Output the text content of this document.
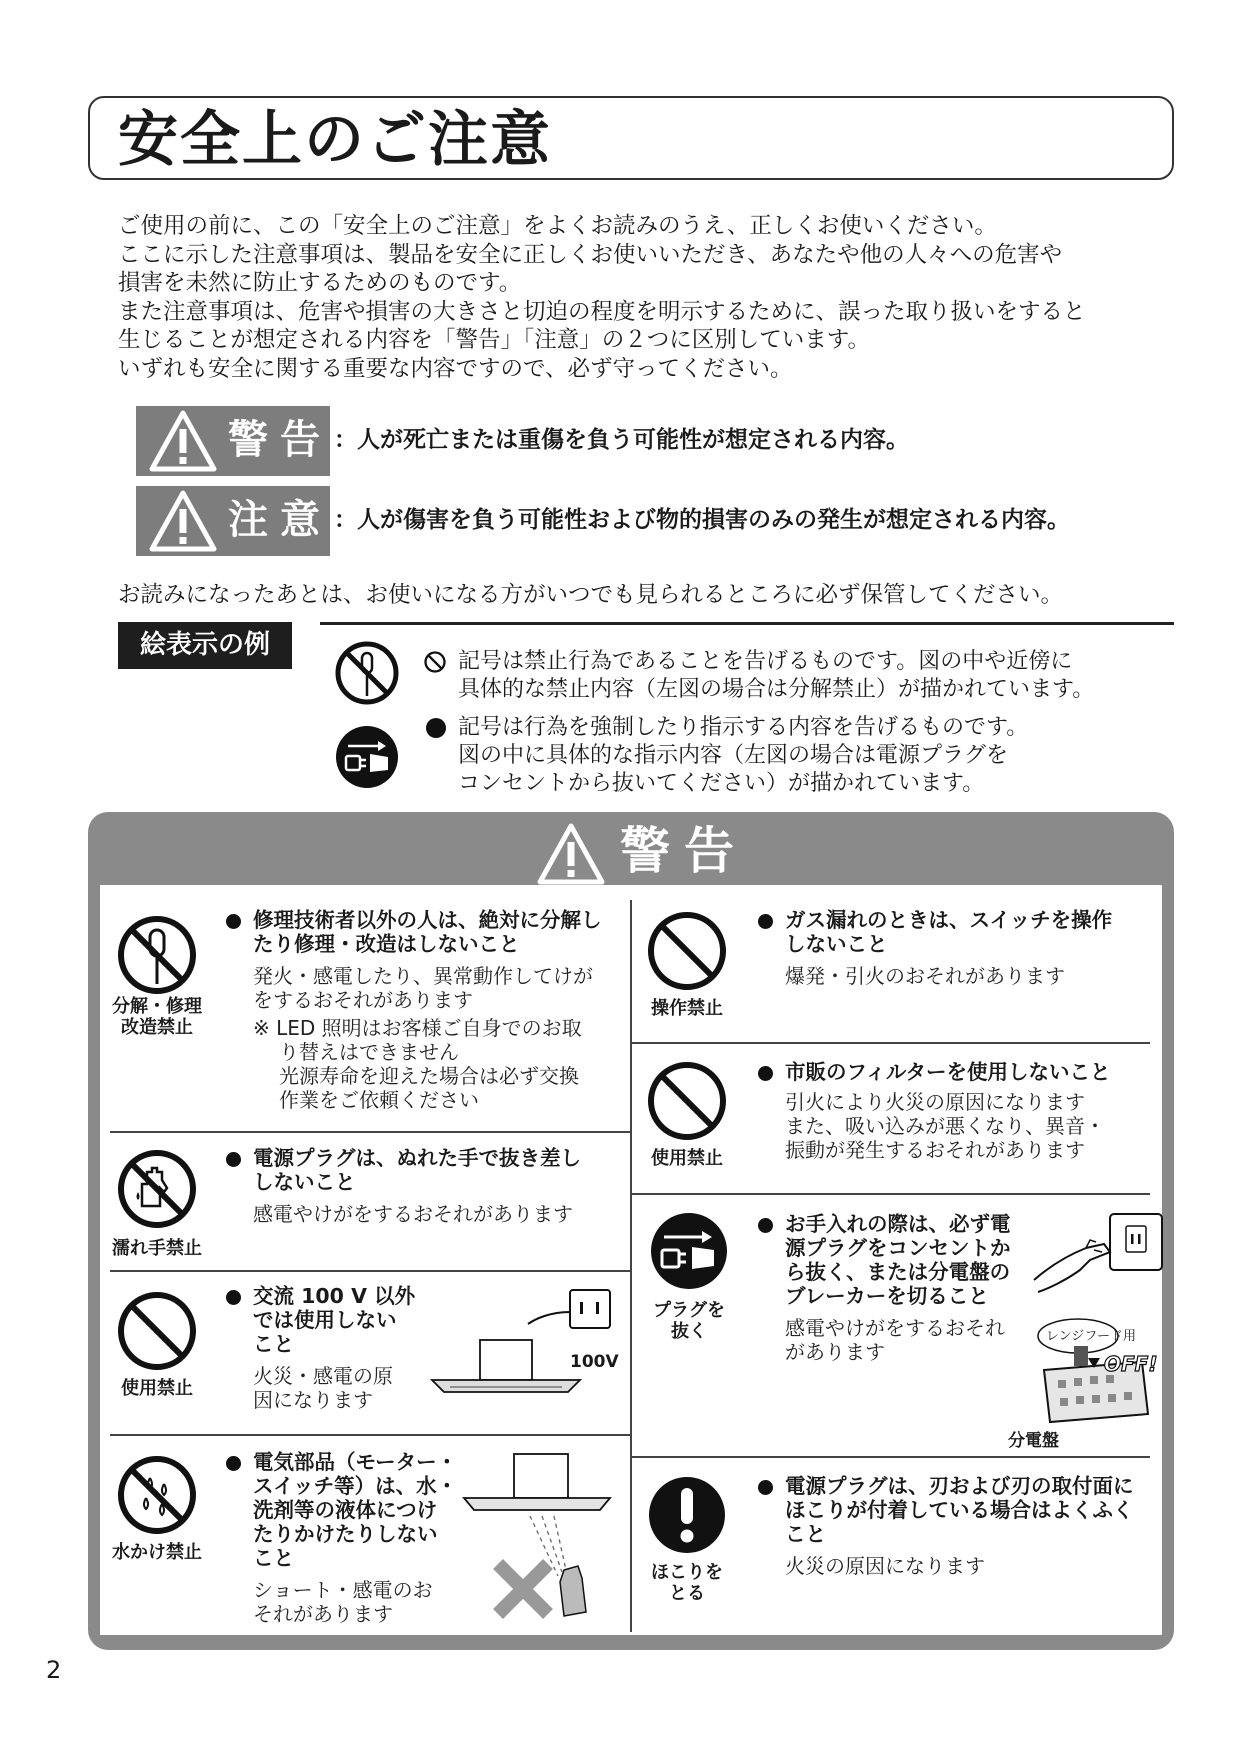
安全上のご注意
ご使用の前に、この「安全上のご注意」をよくお読みのうえ、正しくお使いください。
ここに示した注意事項は、製品を安全に正しくお使いいただき、あなたや他の人々への危害や
損害を未然に防止するためのものです。
また注意事項は、危害や損害の大きさと切迫の程度を明示するために、誤った取り扱いをすると
生じることが想定される内容を「警告」「注意」の２つに区別しています。
いずれも安全に関する重要な内容ですので、必ず守ってください。
警告 ：人が死亡または重傷を負う可能性が想定される内容。
注意 ：人が傷害を負う可能性および物的損害のみの発生が想定される内容。
お読みになったあとは、お使いになる方がいつでも見られるところに必ず保管してください。
絵表示の例
記号は禁止行為であることを告げるものです。図の中や近傍に
具体的な禁止内容（左図の場合は分解禁止）が描かれています。
記号は行為を強制したり指示する内容を告げるものです。
図の中に具体的な指示内容（左図の場合は電源プラグを
コンセントから抜いてください）が描かれています。
警告
分解・修理
改造禁止
修理技術者以外の人は、絶対に分解し
たり修理・改造はしないこと
発火・感電したり、異常動作してけが
をするおそれがあります
※ LED 照明はお客様ご自身でのお取
り替えはできません
光源寿命を迎えた場合は必ず交換
作業をご依頼ください
濡れ手禁止
電源プラグは、ぬれた手で抜き差し
しないこと
感電やけがをするおそれがあります
使用禁止
交流 100 V 以外
では使用しない
こと
火災・感電の原
因になります
100V
水かけ禁止
電気部品（モーター・
スイッチ等）は、水・
洗剤等の液体につけ
たりかけたりしない
こと
ショート・感電のお
それがあります
操作禁止
ガス漏れのときは、スイッチを操作
しないこと
爆発・引火のおそれがあります
使用禁止
市販のフィルターを使用しないこと
引火により火災の原因になります
また、吸い込みが悪くなり、異音・
振動が発生するおそれがあります
プラグを
抜く
お手入れの際は、必ず電
源プラグをコンセントか
ら抜く、または分電盤の
ブレーカーを切ること
感電やけがをするおそれ
があります
レンジフード用
OFF!
分電盤
ほこりを
とる
電源プラグは、刃および刃の取付面に
ほこりが付着している場合はよくふく
こと
火災の原因になります
2
